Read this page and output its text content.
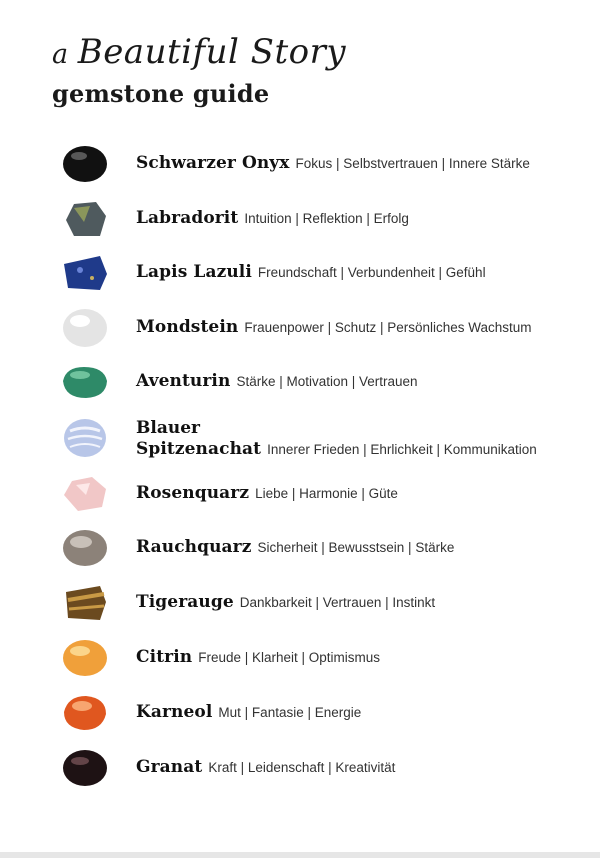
a Beautiful Story
gemstone guide
Schwarzer Onyx Fokus | Selbstvertrauen | Innere Stärke
Labradorit Intuition | Reflektion | Erfolg
Lapis Lazuli Freundschaft | Verbundenheit | Gefühl
Mondstein Frauenpower | Schutz | Persönliches Wachstum
Aventurin Stärke | Motivation | Vertrauen
Blauer
Spitzenachat Innerer Frieden | Ehrlichkeit | Kommunikation
Rosenquarz Liebe | Harmonie | Güte
Rauchquarz Sicherheit | Bewusstsein | Stärke
Tigerauge Dankbarkeit | Vertrauen | Instinkt
Citrin Freude | Klarheit | Optimismus
Karneol Mut | Fantasie | Energie
Granat Kraft | Leidenschaft | Kreativität
